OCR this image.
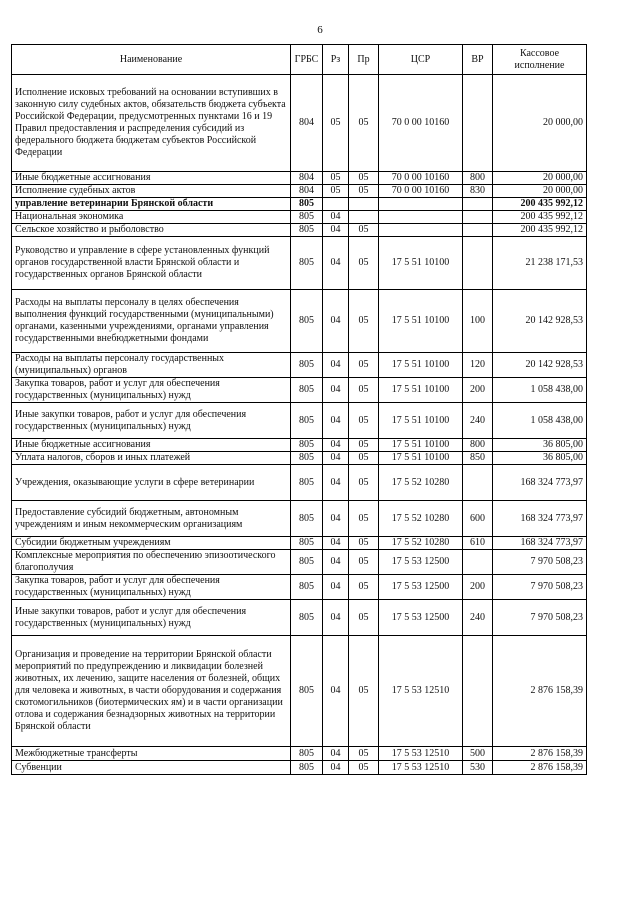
6
Наименование	ГРБС	Рз	Пр	ЦСР	ВР	Кассовое исполнение
Исполнение исковых требований на основании вступивших в законную силу судебных актов, обязательств бюджета субъекта Российской Федерации, предусмотренных пунктами 16 и 19 Правил предоставления и распределения субсидий из федерального бюджета бюджетам субъектов Российской Федерации	804	05	05	70 0 00 10160		20 000,00
Иные бюджетные ассигнования	804	05	05	70 0 00 10160	800	20 000,00
Исполнение судебных актов	804	05	05	70 0 00 10160	830	20 000,00
управление ветеринарии Брянской области	805					200 435 992,12
Национальная экономика	805	04				200 435 992,12
Сельское хозяйство и рыболовство	805	04	05			200 435 992,12
Руководство и управление в сфере установленных функций органов государственной власти Брянской области и государственных органов Брянской области	805	04	05	17 5 51 10100		21 238 171,53
Расходы на выплаты персоналу в целях обеспечения выполнения функций государственными (муниципальными) органами, казенными учреждениями, органами управления государственными внебюджетными фондами	805	04	05	17 5 51 10100	100	20 142 928,53
Расходы на выплаты персоналу государственных (муниципальных) органов	805	04	05	17 5 51 10100	120	20 142 928,53
Закупка товаров, работ и услуг для обеспечения государственных (муниципальных) нужд	805	04	05	17 5 51 10100	200	1 058 438,00
Иные закупки товаров, работ и услуг для обеспечения государственных (муниципальных) нужд	805	04	05	17 5 51 10100	240	1 058 438,00
Иные бюджетные ассигнования	805	04	05	17 5 51 10100	800	36 805,00
Уплата налогов, сборов и иных платежей	805	04	05	17 5 51 10100	850	36 805,00
Учреждения, оказывающие услуги в сфере ветеринарии	805	04	05	17 5 52 10280		168 324 773,97
Предоставление субсидий бюджетным, автономным учреждениям и иным некоммерческим организациям	805	04	05	17 5 52 10280	600	168 324 773,97
Субсидии бюджетным учреждениям	805	04	05	17 5 52 10280	610	168 324 773,97
Комплексные мероприятия по обеспечению эпизоотического благополучия	805	04	05	17 5 53 12500		7 970 508,23
Закупка товаров, работ и услуг для обеспечения государственных (муниципальных) нужд	805	04	05	17 5 53 12500	200	7 970 508,23
Иные закупки товаров, работ и услуг для обеспечения государственных (муниципальных) нужд	805	04	05	17 5 53 12500	240	7 970 508,23
Организация и проведение на территории Брянской области мероприятий по предупреждению и ликвидации болезней животных, их лечению, защите населения от болезней, общих для человека и животных, в части оборудования и содержания скотомогильников (биотермических ям) и в части организации отлова и содержания безнадзорных животных на территории Брянской области	805	04	05	17 5 53 12510		2 876 158,39
Межбюджетные трансферты	805	04	05	17 5 53 12510	500	2 876 158,39
Субвенции	805	04	05	17 5 53 12510	530	2 876 158,39
